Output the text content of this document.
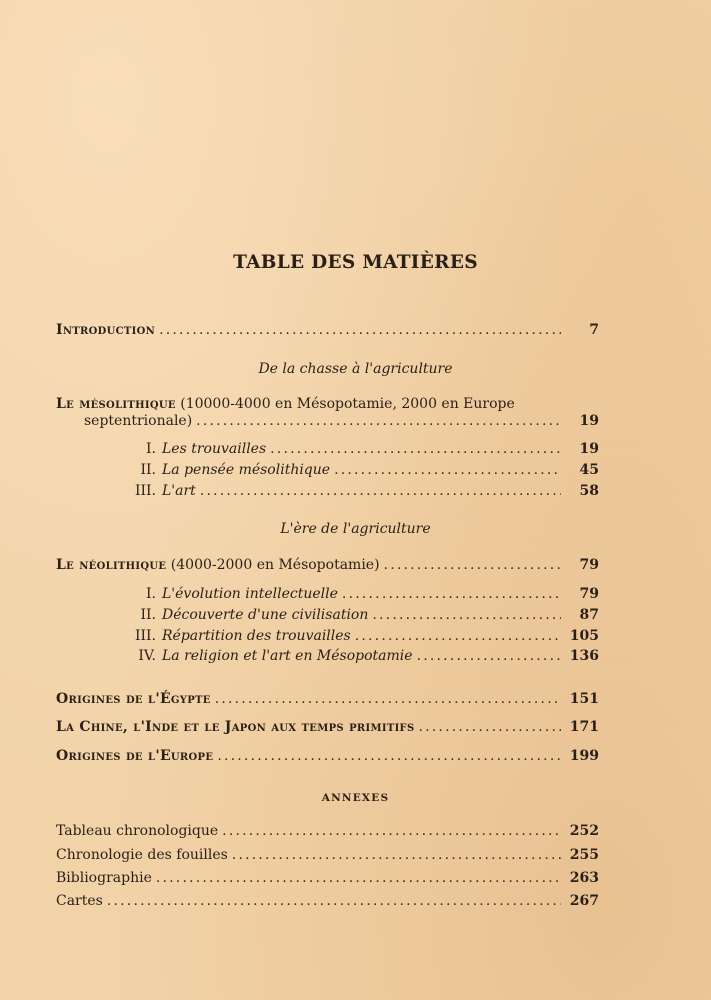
TABLE DES MATIÈRES
Introduction .....	7
De la chasse à l'agriculture
Le mésolithique (10000-4000 en Mésopotamie, 2000 en Europe
septentrionale) .....	19
I. Les trouvailles .....	19
II. La pensée mésolithique .....	45
III. L'art .....	58
L'ère de l'agriculture
Le néolithique (4000-2000 en Mésopotamie) .....	79
I. L'évolution intellectuelle .....	79
II. Découverte d'une civilisation .....	87
III. Répartition des trouvailles .....	105
IV. La religion et l'art en Mésopotamie .....	136
Origines de l'Égypte .....	151
La Chine, l'Inde et le Japon aux temps primitifs .....	171
Origines de l'Europe .....	199
ANNEXES
Tableau chronologique .....	252
Chronologie des fouilles .....	255
Bibliographie .....	263
Cartes .....	267
